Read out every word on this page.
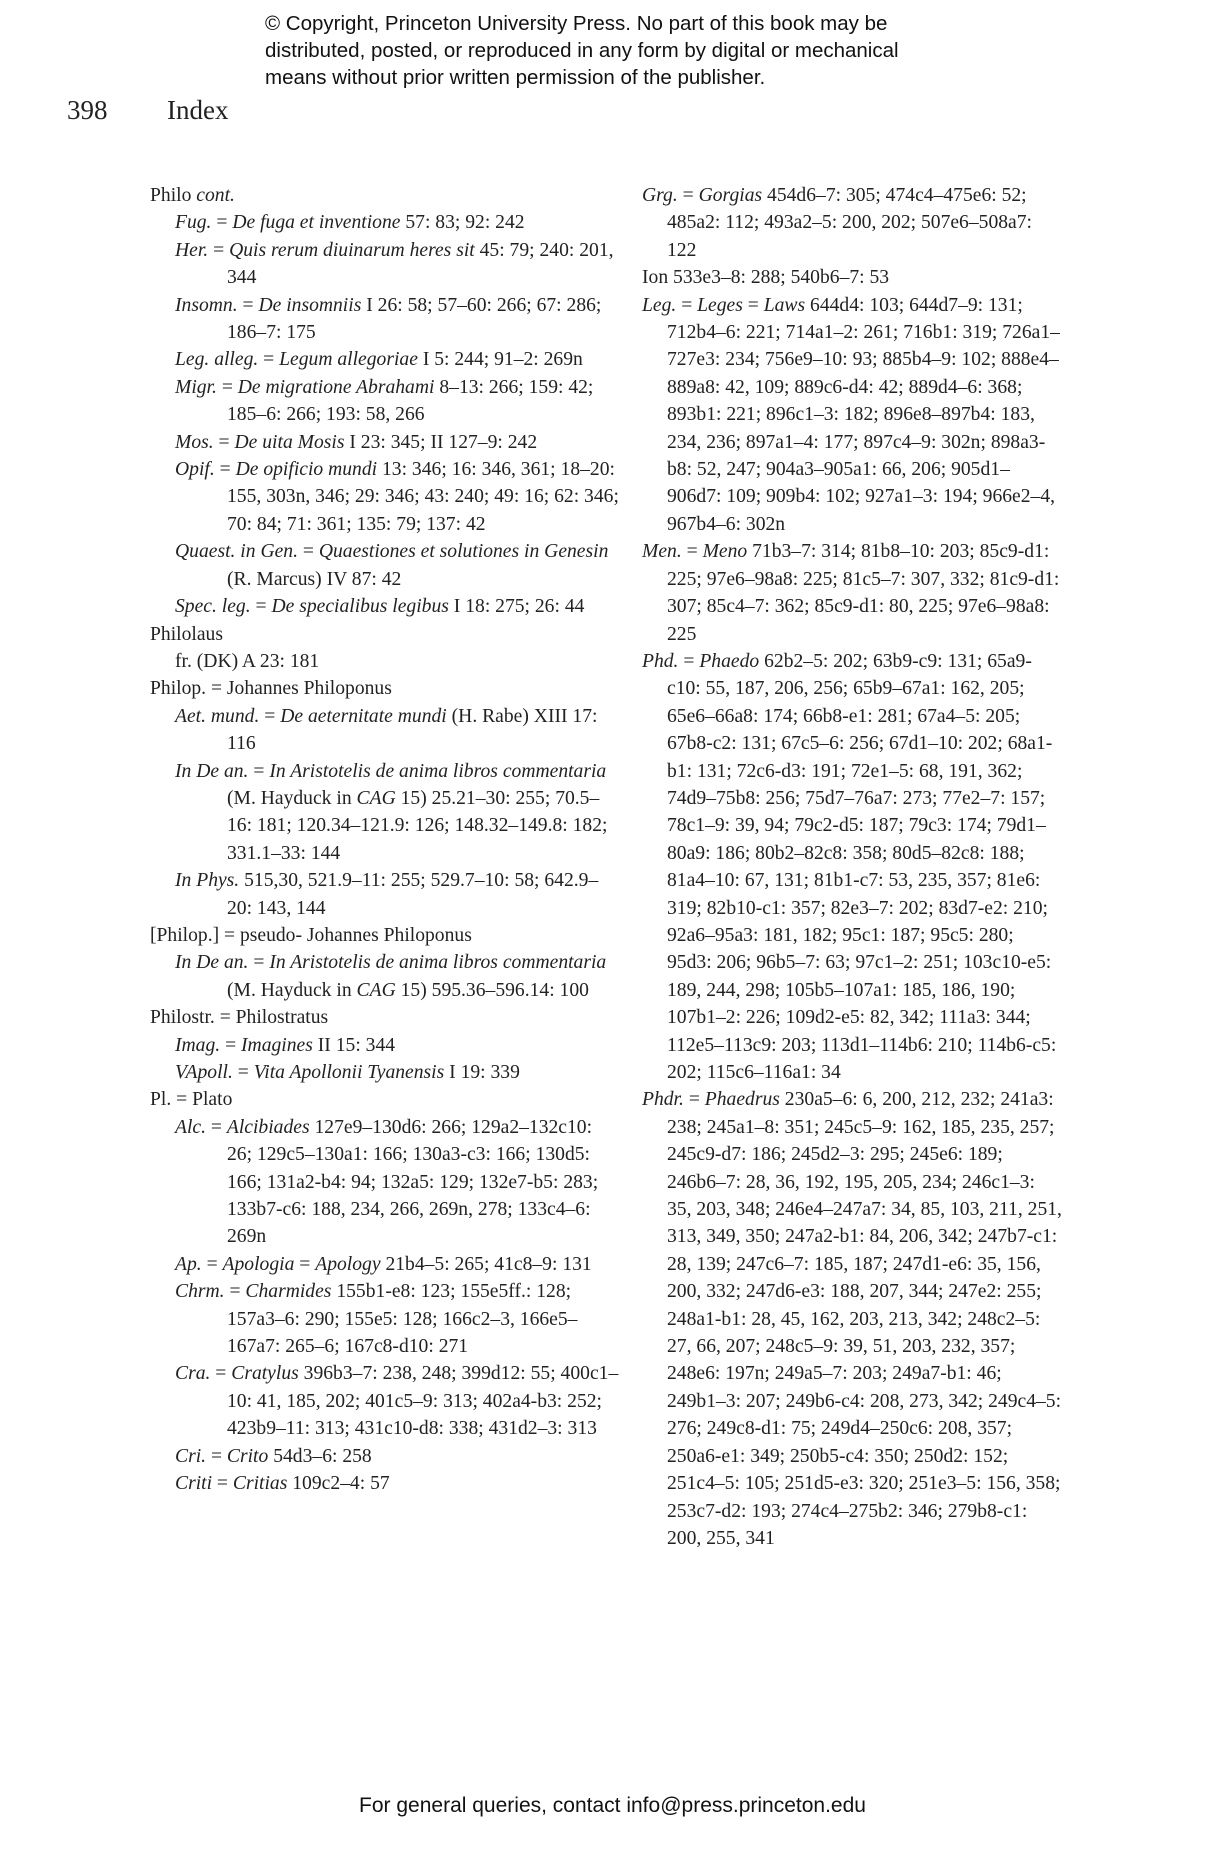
© Copyright, Princeton University Press. No part of this book may be
distributed, posted, or reproduced in any form by digital or mechanical
means without prior written permission of the publisher.
398 Index

Philo cont.

Fug. = De fuga et inventione 57: 83; 92: 242

Her. = Quis rerum diuinarum heres sit 45: 79; 240: 201, 344

Insomn. = De insomniis I 26: 58; 57–60: 266; 67: 286; 186–7: 175

Leg. alleg. = Legum allegoriae I 5: 244; 91–2: 269n

Migr. = De migratione Abrahami 8–13: 266; 159: 42; 185–6: 266; 193: 58, 266

Mos. = De uita Mosis I 23: 345; II 127–9: 242

Opif. = De opificio mundi 13: 346; 16: 346, 361; 18–20: 155, 303n, 346; 29: 346; 43: 240; 49: 16; 62: 346; 70: 84; 71: 361; 135: 79; 137: 42

Quaest. in Gen. = Quaestiones et solutiones in Genesin (R. Marcus) IV 87: 42

Spec. leg. = De specialibus legibus I 18: 275; 26: 44

Philolaus

fr. (DK) A 23: 181

Philop. = Johannes Philoponus

Aet. mund. = De aeternitate mundi (H. Rabe) XIII 17: 116

In De an. = In Aristotelis de anima libros commentaria (M. Hayduck in CAG 15) 25.21–30: 255; 70.5–16: 181; 120.34–121.9: 126; 148.32–149.8: 182; 331.1–33: 144

In Phys. 515,30, 521.9–11: 255; 529.7–10: 58; 642.9–20: 143, 144

[Philop.] = pseudo- Johannes Philoponus

In De an. = In Aristotelis de anima libros commentaria (M. Hayduck in CAG 15) 595.36–596.14: 100

Philostr. = Philostratus

Imag. = Imagines II 15: 344

VApoll. = Vita Apollonii Tyanensis I 19: 339

Pl. = Plato

Alc. = Alcibiades 127e9–130d6: 266; 129a2–132c10: 26; 129c5–130a1: 166; 130a3-c3: 166; 130d5: 166; 131a2-b4: 94; 132a5: 129; 132e7-b5: 283; 133b7-c6: 188, 234, 266, 269n, 278; 133c4–6: 269n

Ap. = Apologia = Apology 21b4–5: 265; 41c8–9: 131

Chrm. = Charmides 155b1-e8: 123; 155e5ff.: 128; 157a3–6: 290; 155e5: 128; 166c2–3, 166e5–167a7: 265–6; 167c8-d10: 271

Cra. = Cratylus 396b3–7: 238, 248; 399d12: 55; 400c1–10: 41, 185, 202; 401c5–9: 313; 402a4-b3: 252; 423b9–11: 313; 431c10-d8: 338; 431d2–3: 313

Cri. = Crito 54d3–6: 258

Criti = Critias 109c2–4: 57

Grg. = Gorgias 454d6–7: 305; 474c4–475e6: 52; 485a2: 112; 493a2–5: 200, 202; 507e6–508a7: 122

Ion 533e3–8: 288; 540b6–7: 53

Leg. = Leges = Laws 644d4: 103; 644d7–9: 131; 712b4–6: 221; 714a1–2: 261; 716b1: 319; 726a1–727e3: 234; 756e9–10: 93; 885b4–9: 102; 888e4–889a8: 42, 109; 889c6-d4: 42; 889d4–6: 368; 893b1: 221; 896c1–3: 182; 896e8–897b4: 183, 234, 236; 897a1–4: 177; 897c4–9: 302n; 898a3-b8: 52, 247; 904a3–905a1: 66, 206; 905d1–906d7: 109; 909b4: 102; 927a1–3: 194; 966e2–4, 967b4–6: 302n

Men. = Meno 71b3–7: 314; 81b8–10: 203; 85c9-d1: 225; 97e6–98a8: 225; 81c5–7: 307, 332; 81c9-d1: 307; 85c4–7: 362; 85c9-d1: 80, 225; 97e6–98a8: 225

Phd. = Phaedo 62b2–5: 202; 63b9-c9: 131; 65a9-c10: 55, 187, 206, 256; 65b9–67a1: 162, 205; 65e6–66a8: 174; 66b8-e1: 281; 67a4–5: 205; 67b8-c2: 131; 67c5–6: 256; 67d1–10: 202; 68a1-b1: 131; 72c6-d3: 191; 72e1–5: 68, 191, 362; 74d9–75b8: 256; 75d7–76a7: 273; 77e2–7: 157; 78c1–9: 39, 94; 79c2-d5: 187; 79c3: 174; 79d1–80a9: 186; 80b2–82c8: 358; 80d5–82c8: 188; 81a4–10: 67, 131; 81b1-c7: 53, 235, 357; 81e6: 319; 82b10-c1: 357; 82e3–7: 202; 83d7-e2: 210; 92a6–95a3: 181, 182; 95c1: 187; 95c5: 280; 95d3: 206; 96b5–7: 63; 97c1–2: 251; 103c10-e5: 189, 244, 298; 105b5–107a1: 185, 186, 190; 107b1–2: 226; 109d2-e5: 82, 342; 111a3: 344; 112e5–113c9: 203; 113d1–114b6: 210; 114b6-c5: 202; 115c6–116a1: 34

Phdr. = Phaedrus 230a5–6: 6, 200, 212, 232; 241a3: 238; 245a1–8: 351; 245c5–9: 162, 185, 235, 257; 245c9-d7: 186; 245d2–3: 295; 245e6: 189; 246b6–7: 28, 36, 192, 195, 205, 234; 246c1–3: 35, 203, 348; 246e4–247a7: 34, 85, 103, 211, 251, 313, 349, 350; 247a2-b1: 84, 206, 342; 247b7-c1: 28, 139; 247c6–7: 185, 187; 247d1-e6: 35, 156, 200, 332; 247d6-e3: 188, 207, 344; 247e2: 255; 248a1-b1: 28, 45, 162, 203, 213, 342; 248c2–5: 27, 66, 207; 248c5–9: 39, 51, 203, 232, 357; 248e6: 197n; 249a5–7: 203; 249a7-b1: 46; 249b1–3: 207; 249b6-c4: 208, 273, 342; 249c4–5: 276; 249c8-d1: 75; 249d4–250c6: 208, 357; 250a6-e1: 349; 250b5-c4: 350; 250d2: 152; 251c4–5: 105; 251d5-e3: 320; 251e3–5: 156, 358; 253c7-d2: 193; 274c4–275b2: 346; 279b8-c1: 200, 255, 341

For general queries, contact info@press.princeton.edu
